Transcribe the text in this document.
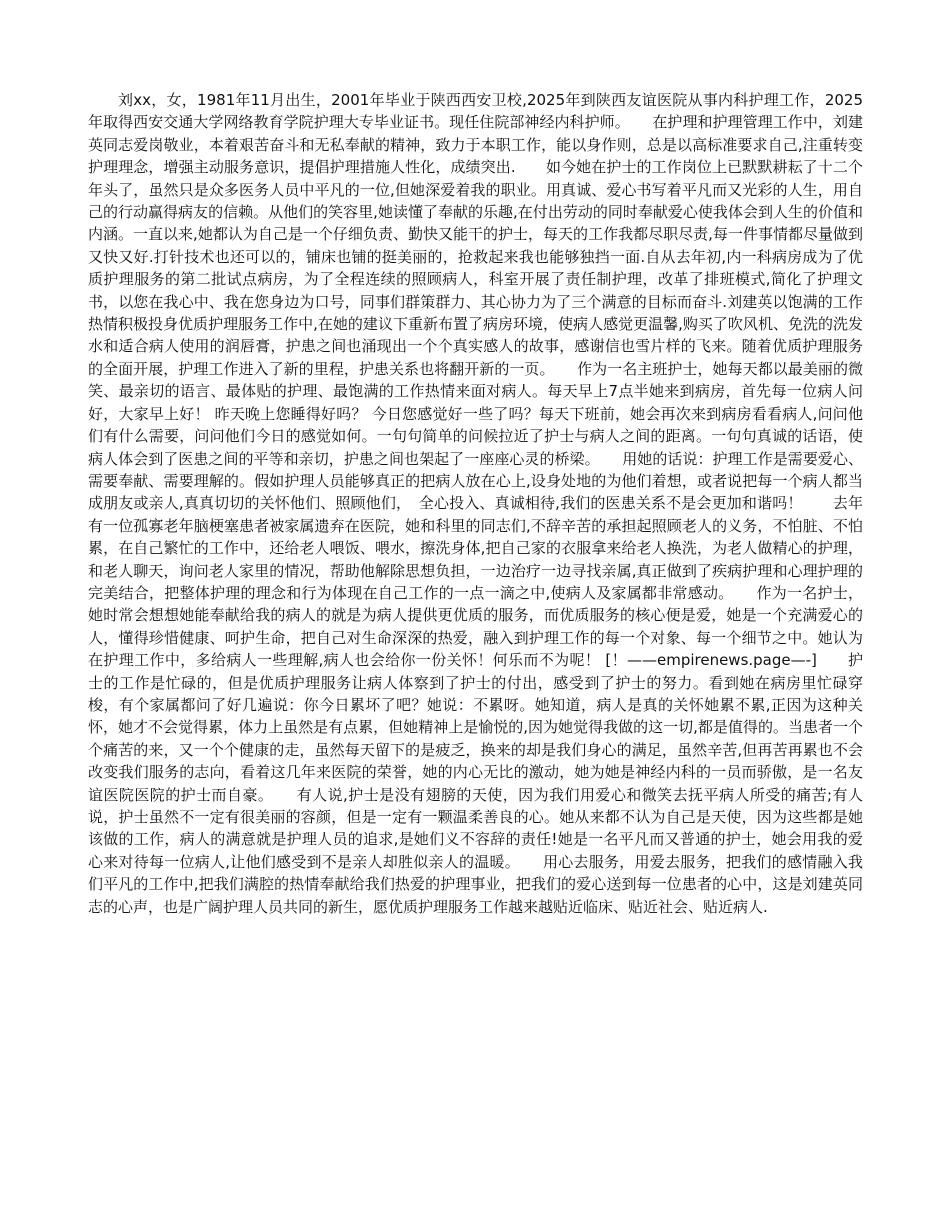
刘xx，女，1981年11月出生，2001年毕业于陕西西安卫校,2025年到陕西友谊医院从事内科护理工作，2025 年取得西安交通大学网络教育学院护理大专毕业证书。现任住院部神经内科护师。　　在护理和护理管理工作中，刘建英同志爱岗敬业，本着艰苦奋斗和无私奉献的精神，致力于本职工作，能以身作则，总是以高标准要求自己,注重转变护理理念，增强主动服务意识，提倡护理措施人性化，成绩突出.　　如今她在护士的工作岗位上已默默耕耘了十二个年头了，虽然只是众多医务人员中平凡的一位,但她深爱着我的职业。用真诚、爱心书写着平凡而又光彩的人生，用自己的行动赢得病友的信赖。从他们的笑容里,她读懂了奉献的乐趣,在付出劳动的同时奉献爱心使我体会到人生的价值和内涵。一直以来,她都认为自己是一个仔细负责、勤快又能干的护士，每天的工作我都尽职尽责,每一件事情都尽量做到又快又好.打针技术也还可以的，铺床也铺的挺美丽的，抢救起来我也能够独挡一面.自从去年初,内一科病房成为了优质护理服务的第二批试点病房，为了全程连续的照顾病人，科室开展了责任制护理，改革了排班模式,简化了护理文书，以您在我心中、我在您身边为口号，同事们群策群力、其心协力为了三个满意的目标而奋斗.刘建英以饱满的工作热情积极投身优质护理服务工作中,在她的建议下重新布置了病房环境，使病人感觉更温馨,购买了吹风机、免洗的洗发水和适合病人使用的润唇膏，护患之间也涌现出一个个真实感人的故事，感谢信也雪片样的飞来。随着优质护理服务的全面开展，护理工作进入了新的里程，护患关系也将翻开新的一页。　　作为一名主班护士，她每天都以最美丽的微笑、最亲切的语言、最体贴的护理、最饱满的工作热情来面对病人。每天早上7点半她来到病房，首先每一位病人问好，大家早上好！ 昨天晚上您睡得好吗？ 今日您感觉好一些了吗？每天下班前，她会再次来到病房看看病人,问问他们有什么需要，问问他们今日的感觉如何。一句句简单的问候拉近了护士与病人之间的距离。一句句真诚的话语，使病人体会到了医患之间的平等和亲切，护患之间也架起了一座座心灵的桥梁。　　用她的话说：护理工作是需要爱心、需要奉献、需要理解的。假如护理人员能够真正的把病人放在心上,设身处地的为他们着想，或者说把每一个病人都当成朋友或亲人,真真切切的关怀他们、照顾他们，　全心投入、真诚相待,我们的医患关系不是会更加和谐吗！　　去年有一位孤寡老年脑梗塞患者被家属遗弃在医院，她和科里的同志们,不辞辛苦的承担起照顾老人的义务，不怕脏、不怕累，在自己繁忙的工作中，还给老人喂饭、喂水，擦洗身体,把自己家的衣服拿来给老人换洗，为老人做精心的护理，和老人聊天，询问老人家里的情况，帮助他解除思想负担，一边治疗一边寻找亲属,真正做到了疾病护理和心理护理的完美结合，把整体护理的理念和行为体现在自己工作的一点一滴之中,使病人及家属都非常感动。　　作为一名护士，她时常会想想她能奉献给我的病人的就是为病人提供更优质的服务，而优质服务的核心便是爱，她是一个充满爱心的人，懂得珍惜健康、呵护生命，把自己对生命深深的热爱，融入到护理工作的每一个对象、每一个细节之中。她认为在护理工作中，多给病人一些理解,病人也会给你一份关怀！何乐而不为呢！ [！——empirenews.page—-]　　护士的工作是忙碌的，但是优质护理服务让病人体察到了护士的付出，感受到了护士的努力。看到她在病房里忙碌穿梭，有个家属都问了好几遍说：你今日累坏了吧？她说：不累呀。她知道，病人是真的关怀她累不累,正因为这种关怀，她才不会觉得累，体力上虽然是有点累，但她精神上是愉悦的,因为她觉得我做的这一切,都是值得的。当患者一个个痛苦的来，又一个个健康的走，虽然每天留下的是疲乏，换来的却是我们身心的满足，虽然辛苦,但再苦再累也不会改变我们服务的志向，看着这几年来医院的荣誉，她的内心无比的激动，她为她是神经内科的一员而骄傲，是一名友谊医院医院的护士而自豪。　　有人说,护士是没有翅膀的天使，因为我们用爱心和微笑去抚平病人所受的痛苦;有人说，护士虽然不一定有很美丽的容颜，但是一定有一颗温柔善良的心。她从来都不认为自己是天使，因为这些都是她该做的工作，病人的满意就是护理人员的追求,是她们义不容辞的责任!她是一名平凡而又普通的护士，她会用我的爱心来对待每一位病人,让他们感受到不是亲人却胜似亲人的温暖。　　用心去服务，用爱去服务，把我们的感情融入我们平凡的工作中,把我们满腔的热情奉献给我们热爱的护理事业，把我们的爱心送到每一位患者的心中，这是刘建英同志的心声，也是广阔护理人员共同的新生，愿优质护理服务工作越来越贴近临床、贴近社会、贴近病人.
